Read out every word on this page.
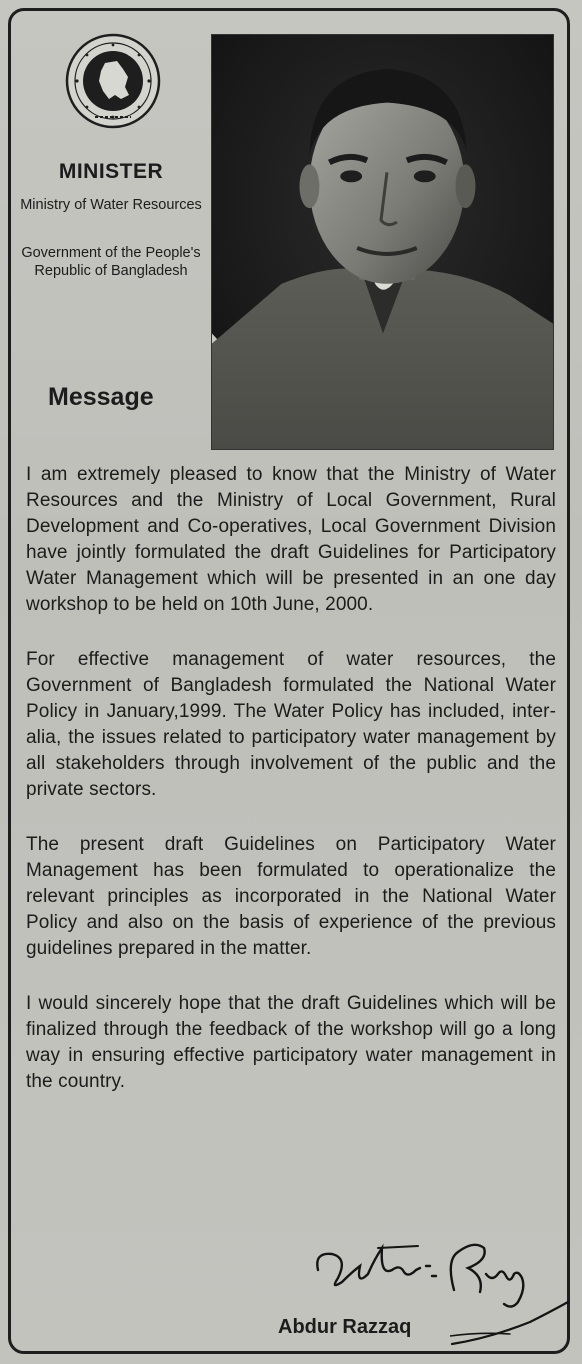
MINISTER
Ministry of Water Resources
Government of the People's Republic of Bangladesh
Message

I am extremely pleased to know that the Ministry of Water Resources and the Ministry of Local Government, Rural Development and Co-operatives, Local Government Division have jointly formulated the draft Guidelines for Participatory Water Management which will be presented in an one day workshop to be held on 10th June, 2000.

For effective management of water resources, the Government of Bangladesh formulated the National Water Policy in January,1999. The Water Policy has included, inter-alia, the issues related to participatory water management by all stakeholders through involvement of the public and the private sectors.

The present draft Guidelines on Participatory Water Management has been formulated to operationalize the relevant principles as incorporated in the National Water Policy and also on the basis of experience of the previous guidelines prepared in the matter.

I would sincerely hope that the draft Guidelines which will be finalized through the feedback of the workshop will go a long way in ensuring effective participatory water management in the country.

Abdur Razzaq
